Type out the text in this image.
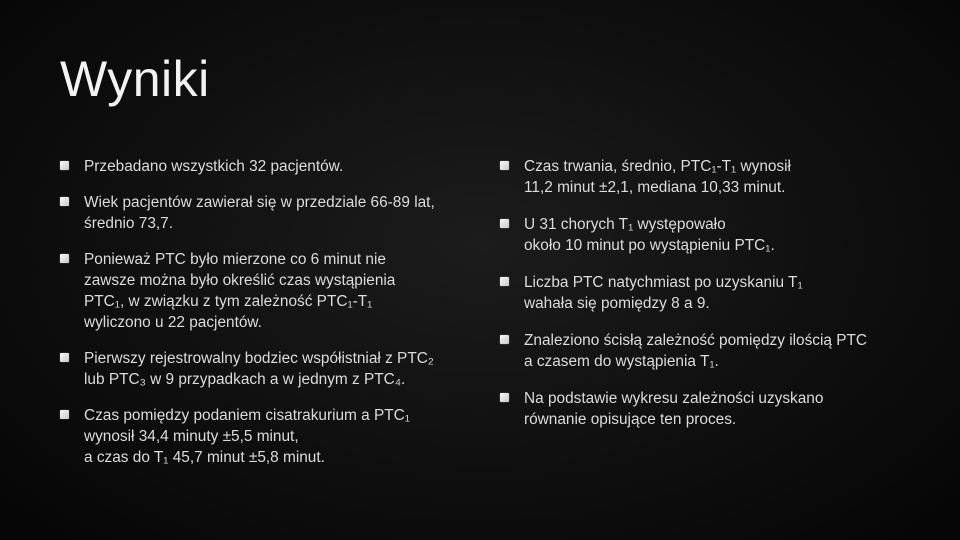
Wyniki
Przebadano wszystkich 32 pacjentów.
Wiek pacjentów zawierał się w przedziale 66-89 lat,
średnio 73,7.
Ponieważ PTC było mierzone co 6 minut nie
zawsze można było określić czas wystąpienia
PTC₁, w związku z tym zależność PTC₁-T₁
wyliczono u 22 pacjentów.
Pierwszy rejestrowalny bodziec współistniał z PTC₂
lub PTC₃ w 9 przypadkach a w jednym z PTC₄.
Czas pomiędzy podaniem cisatrakurium a PTC₁
wynosił 34,4 minuty ±5,5 minut,
a czas do T₁ 45,7 minut ±5,8 minut.
Czas trwania, średnio, PTC₁-T₁ wynosił
11,2 minut ±2,1, mediana 10,33 minut.
U 31 chorych T₁ występowało
około 10 minut po wystąpieniu PTC₁.
Liczba PTC natychmiast po uzyskaniu T₁
wahała się pomiędzy 8 a 9.
Znaleziono ścisłą zależność pomiędzy ilością PTC
a czasem do wystąpienia T₁.
Na podstawie wykresu zależności uzyskano
równanie opisujące ten proces.
